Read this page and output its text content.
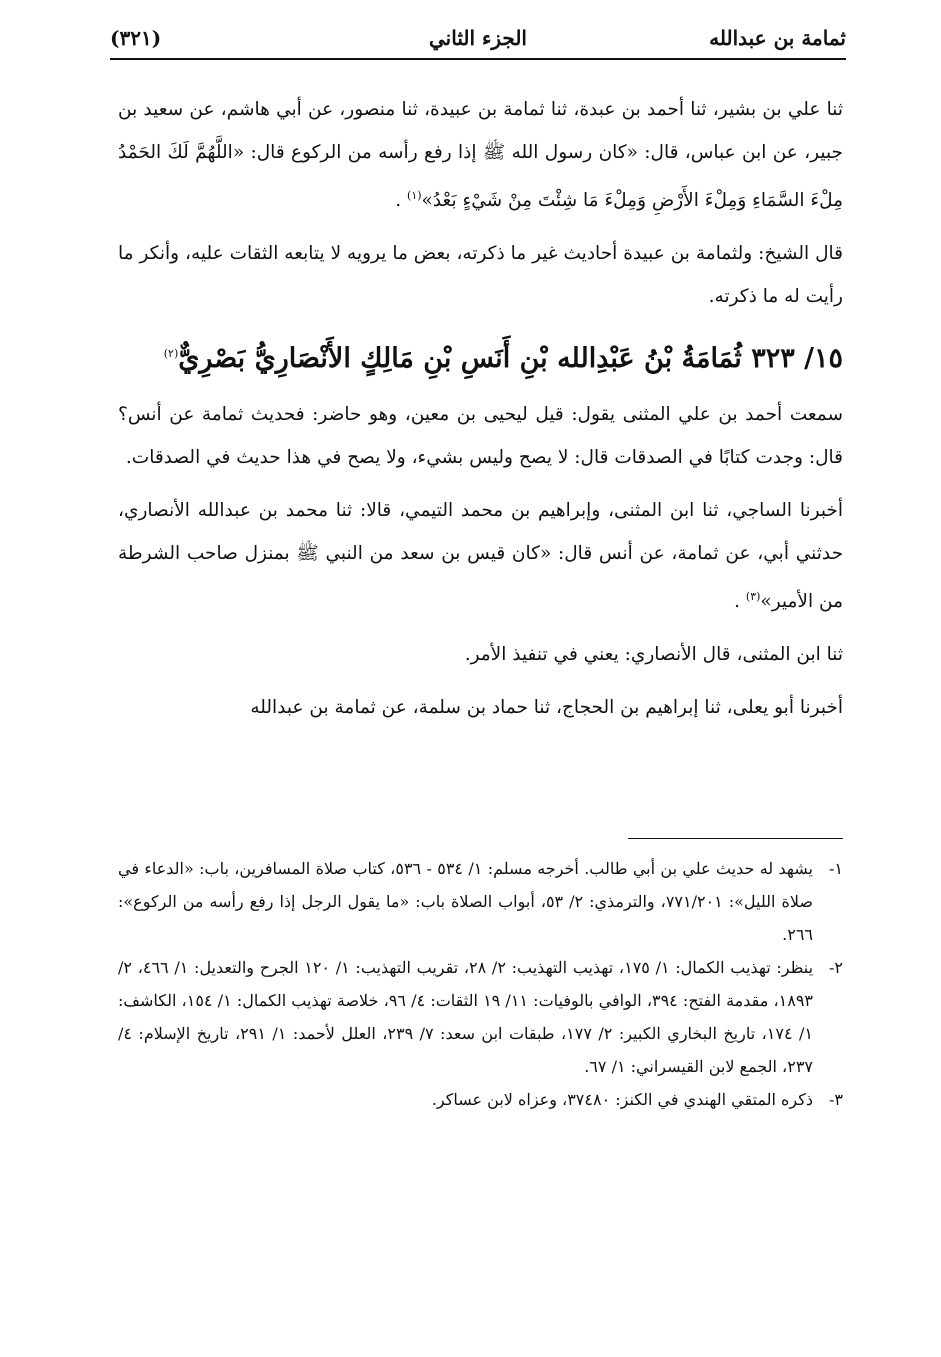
ثمامة بن عبدالله
الجزء الثاني
(٣٢١)

ثنا علي بن بشير، ثنا أحمد بن عبدة، ثنا ثمامة بن عبيدة، ثنا منصور، عن أبي هاشم، عن سعيد بن جبير، عن ابن عباس، قال: «كان رسول الله ﷺ إذا رفع رأسه من الركوع قال: «اللَّهُمَّ لَكَ الحَمْدُ مِلْءَ السَّمَاءِ وَمِلْءَ الأَرْضِ وَمِلْءَ مَا شِئْتَ مِنْ شَيْءٍ بَعْدُ»$^{(١)}$ .

قال الشيخ: ولثمامة بن عبيدة أحاديث غير ما ذكرته، بعض ما يرويه لا يتابعه الثقات عليه، وأنكر ما رأيت له ما ذكرته.

١٥/ ٣٢٣ ثُمَامَةُ بْنُ عَبْدِالله بْنِ أَنَسِ بْنِ مَالِكٍ الأَنْصَارِيُّ بَصْرِيٌّ$^{(٢)}$

سمعت أحمد بن علي المثنى يقول: قيل ليحيى بن معين، وهو حاضر: فحديث ثمامة عن أنس؟ قال: وجدت كتابًا في الصدقات قال: لا يصح وليس بشيء، ولا يصح في هذا حديث في الصدقات.

أخبرنا الساجي، ثنا ابن المثنى، وإبراهيم بن محمد التيمي، قالا: ثنا محمد بن عبدالله الأنصاري، حدثني أبي، عن ثمامة، عن أنس قال: «كان قيس بن سعد من النبي ﷺ بمنزل صاحب الشرطة من الأمير»$^{(٣)}$ .

ثنا ابن المثنى، قال الأنصاري: يعني في تنفيذ الأمر.

أخبرنا أبو يعلى، ثنا إبراهيم بن الحجاج، ثنا حماد بن سلمة، عن ثمامة بن عبدالله

١-
يشهد له حديث علي بن أبي طالب. أخرجه مسلم: ١/ ٥٣٤ - ٥٣٦، كتاب صلاة المسافرين، باب: «الدعاء في صلاة الليل»: ٧٧١/٢٠١، والترمذي: ٢/ ٥٣، أبواب الصلاة باب: «ما يقول الرجل إذا رفع رأسه من الركوع»: ٢٦٦.
٢-
ينظر: تهذيب الكمال: ١/ ١٧٥، تهذيب التهذيب: ٢/ ٢٨، تقريب التهذيب: ١/ ١٢٠ الجرح والتعديل: ١/ ٤٦٦، ٢/ ١٨٩٣، مقدمة الفتح: ٣٩٤، الوافي بالوفيات: ١١/ ١٩ الثقات: ٤/ ٩٦، خلاصة تهذيب الكمال: ١/ ١٥٤، الكاشف: ١/ ١٧٤، تاريخ البخاري الكبير: ٢/ ١٧٧، طبقات ابن سعد: ٧/ ٢٣٩، العلل لأحمد: ١/ ٢٩١، تاريخ الإسلام: ٤/ ٢٣٧، الجمع لابن القيسراني: ١/ ٦٧.
٣-
ذكره المتقي الهندي في الكنز: ٣٧٤٨٠، وعزاه لابن عساكر.
